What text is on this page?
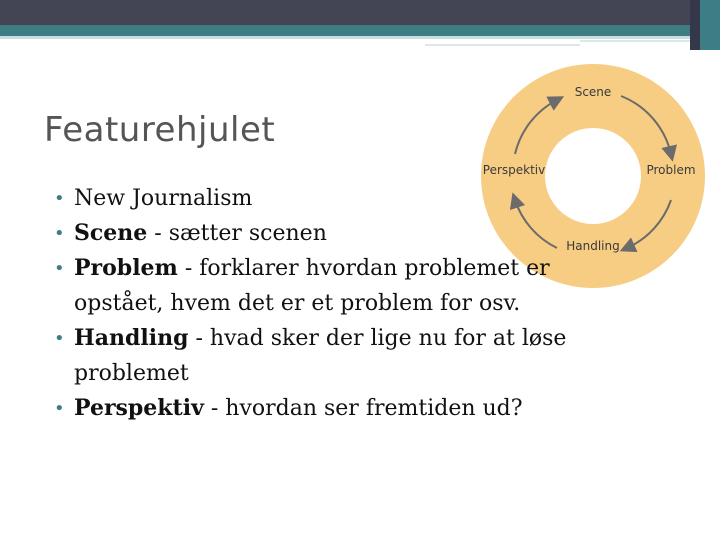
Scene
Problem
Handling
Perspektiv
Featurehjulet
• New Journalism
• Scene - sætter scenen
• Problem - forklarer hvordan problemet er opstået, hvem det er et problem for osv.
• Handling - hvad sker der lige nu for at løse problemet
• Perspektiv - hvordan ser fremtiden ud?
